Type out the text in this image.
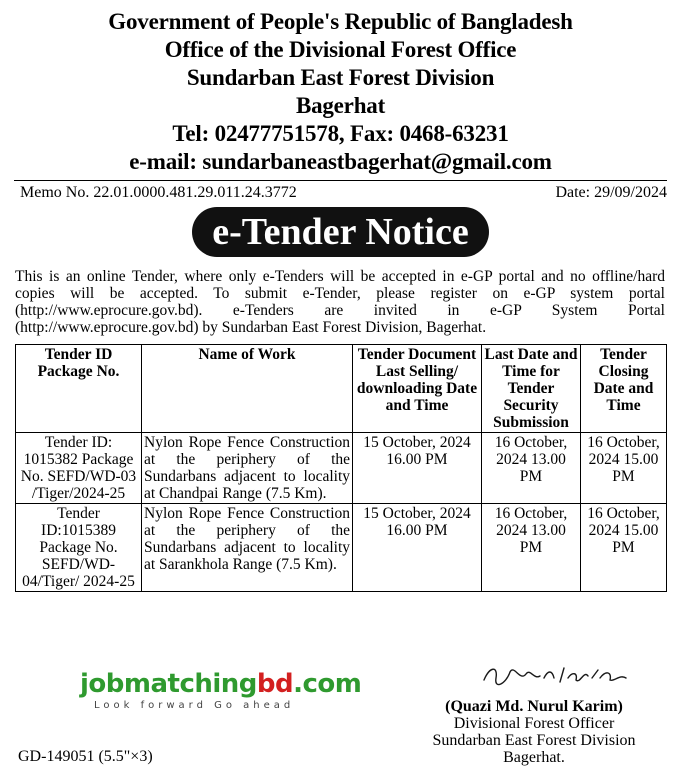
Government of People's Republic of Bangladesh
Office of the Divisional Forest Office
Sundarban East Forest Division
Bagerhat
Tel: 02477751578, Fax: 0468-63231
e-mail: sundarbaneastbagerhat@gmail.com
Memo No. 22.01.0000.481.29.011.24.3772	Date: 29/09/2024
e-Tender Notice
This is an online Tender, where only e-Tenders will be accepted in e-GP portal and no offline/hard copies will be accepted. To submit e-Tender, please register on e-GP system portal (http://www.eprocure.gov.bd). e-Tenders are invited in e-GP System Portal (http://www.eprocure.gov.bd) by Sundarban East Forest Division, Bagerhat.
Tender ID Package No.	Name of Work	Tender Document Last Selling/ downloading Date and Time	Last Date and Time for Tender Security Submission	Tender Closing Date and Time
Tender ID: 1015382 Package No. SEFD/WD-03 /Tiger/2024-25	Nylon Rope Fence Construction at the periphery of the Sundarbans adjacent to locality at Chandpai Range (7.5 Km).	15 October, 2024 16.00 PM	16 October, 2024 13.00 PM	16 October, 2024 15.00 PM
Tender ID:1015389 Package No. SEFD/WD-04/Tiger/ 2024-25	Nylon Rope Fence Construction at the periphery of the Sundarbans adjacent to locality at Sarankhola Range (7.5 Km).	15 October, 2024 16.00 PM	16 October, 2024 13.00 PM	16 October, 2024 15.00 PM
jobmatchingbd.com
Look forward Go ahead	(Quazi Md. Nurul Karim)
Divisional Forest Officer
Sundarban East Forest Division
Bagerhat.
GD-149051 (5.5"×3)
